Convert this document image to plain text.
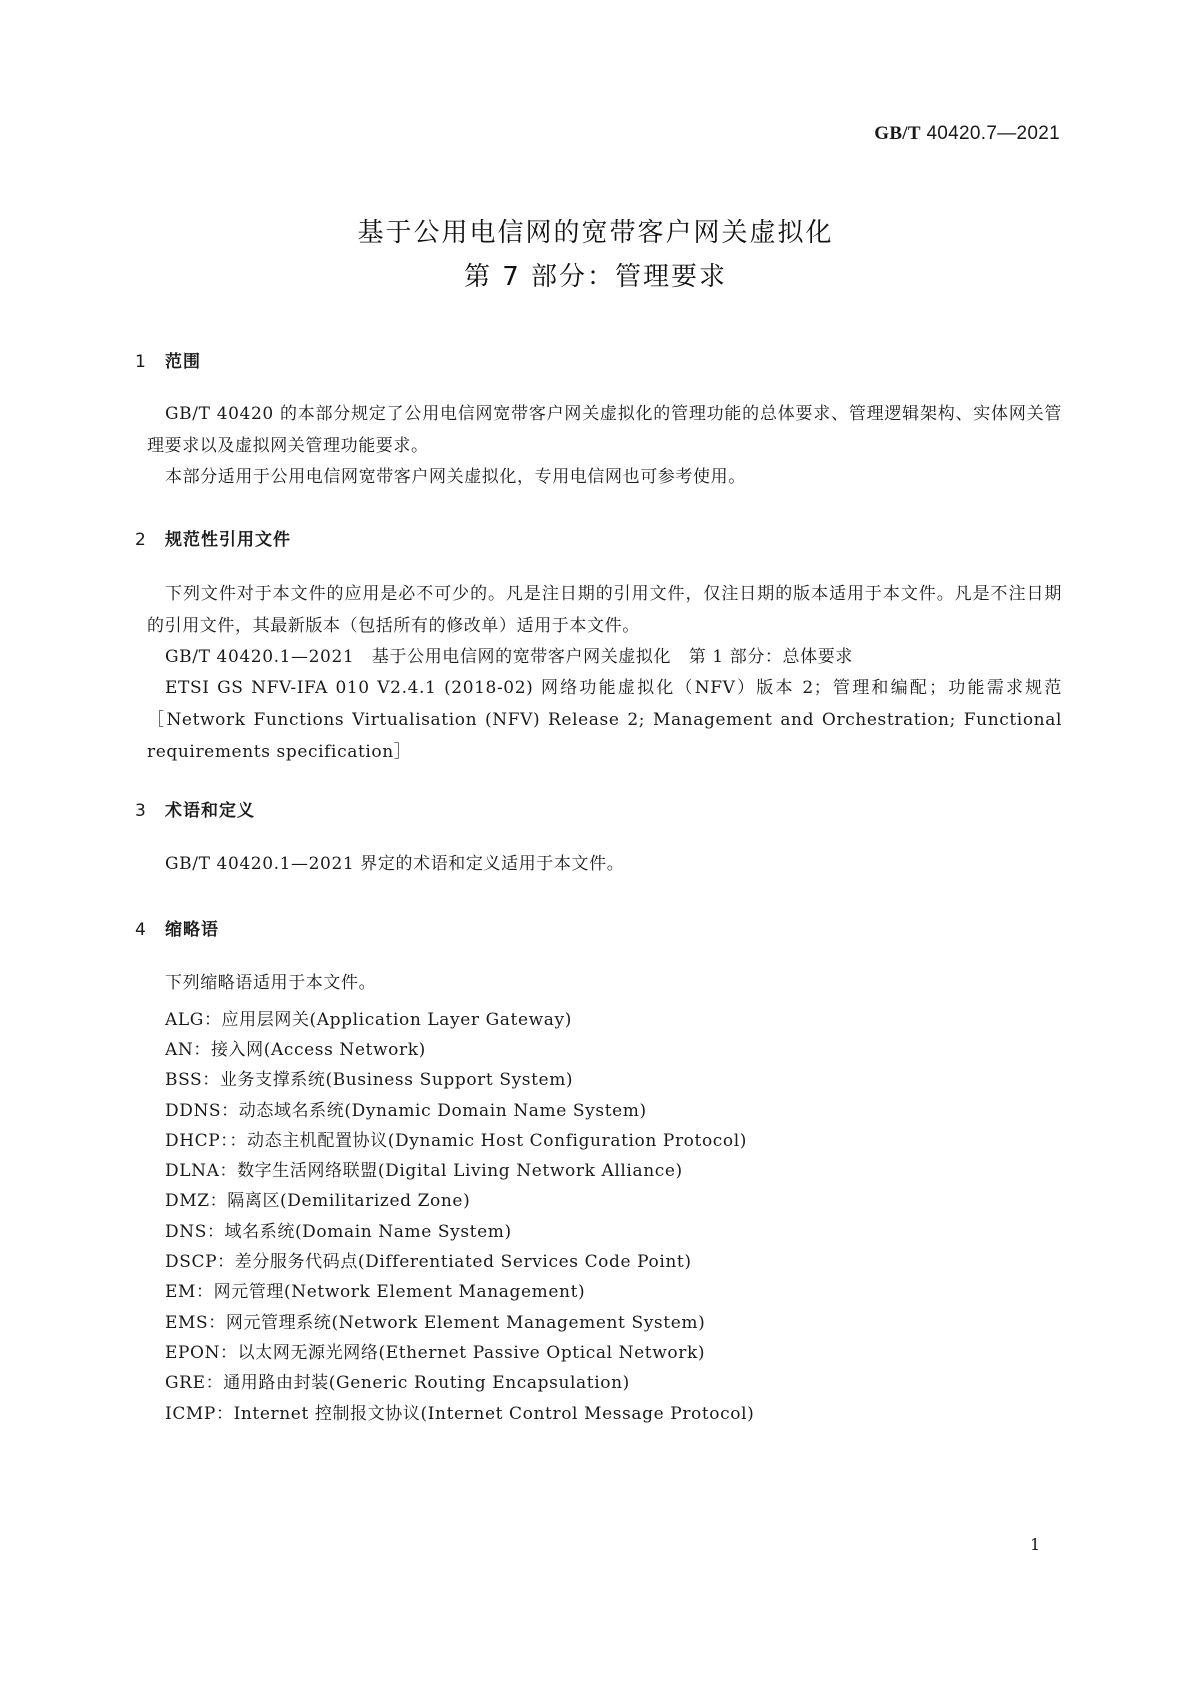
GB/T 40420.7—2021
基于公用电信网的宽带客户网关虚拟化
第 7 部分：管理要求
1 范围
GB/T 40420 的本部分规定了公用电信网宽带客户网关虚拟化的管理功能的总体要求、管理逻辑架构、实体网关管理要求以及虚拟网关管理功能要求。
本部分适用于公用电信网宽带客户网关虚拟化，专用电信网也可参考使用。
2 规范性引用文件
下列文件对于本文件的应用是必不可少的。凡是注日期的引用文件，仅注日期的版本适用于本文件。凡是不注日期的引用文件，其最新版本（包括所有的修改单）适用于本文件。
GB/T 40420.1—2021　基于公用电信网的宽带客户网关虚拟化　第 1 部分：总体要求
ETSI GS NFV-IFA 010 V2.4.1 (2018-02) 网络功能虚拟化（NFV）版本 2；管理和编配；功能需求规范［Network Functions Virtualisation (NFV) Release 2; Management and Orchestration; Functional requirements specification］
3 术语和定义
GB/T 40420.1—2021 界定的术语和定义适用于本文件。
4 缩略语
下列缩略语适用于本文件。
ALG：应用层网关(Application Layer Gateway)
AN：接入网(Access Network)
BSS：业务支撑系统(Business Support System)
DDNS：动态域名系统(Dynamic Domain Name System)
DHCP：：动态主机配置协议(Dynamic Host Configuration Protocol)
DLNA：数字生活网络联盟(Digital Living Network Alliance)
DMZ：隔离区(Demilitarized Zone)
DNS：域名系统(Domain Name System)
DSCP：差分服务代码点(Differentiated Services Code Point)
EM：网元管理(Network Element Management)
EMS：网元管理系统(Network Element Management System)
EPON：以太网无源光网络(Ethernet Passive Optical Network)
GRE：通用路由封装(Generic Routing Encapsulation)
ICMP：Internet 控制报文协议(Internet Control Message Protocol)
1
